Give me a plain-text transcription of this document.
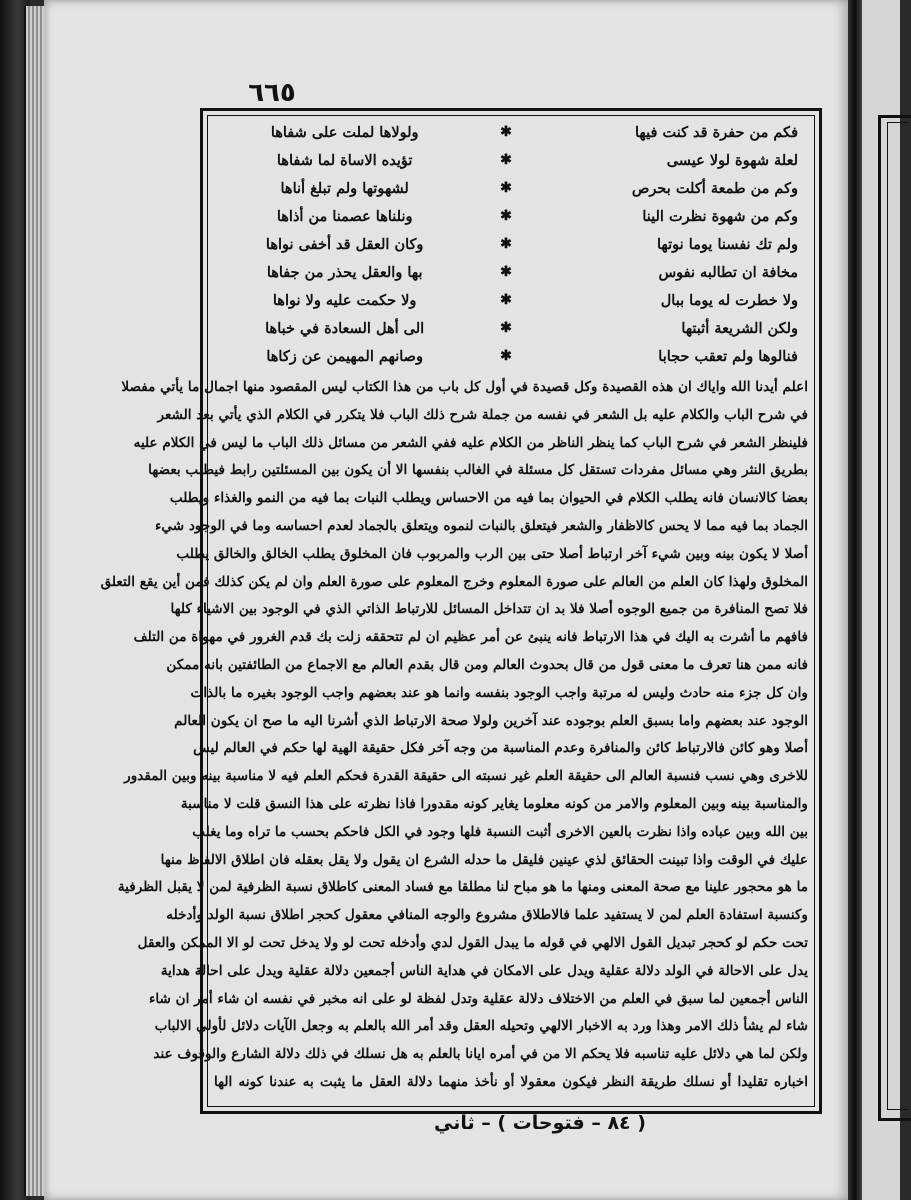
٦٦٥
فكم من حفرة قد كنت فيها
✱
ولولاها لملت على شفاها
لعلة شهوة لولا عيسى
✱
تؤيده الاساة لما شفاها
وكم من طمعة أكلت بحرص
✱
لشهوتها ولم تبلغ أناها
وكم من شهوة نظرت الينا
✱
ونلناها عصمنا من أذاها
ولم تك نفسنا يوما نوتها
✱
وكان العقل قد أخفى نواها
مخافة ان تطالبه نفوس
✱
بها والعقل يحذر من جفاها
ولا خطرت له يوما ببال
✱
ولا حكمت عليه ولا نواها
ولكن الشريعة أثبتها
✱
الى أهل السعادة في خباها
فنالوها ولم تعقب حجابا
✱
وصانهم المهيمن عن زكاها
اعلم أيدنا الله واياك ان هذه القصيدة وكل قصيدة في أول كل باب من هذا الكتاب ليس المقصود منها اجمال ما يأتي مفصلا
في شرح الباب والكلام عليه بل الشعر في نفسه من جملة شرح ذلك الباب فلا يتكرر في الكلام الذي يأتي بعد الشعر
فلينظر الشعر في شرح الباب كما ينظر الناظر من الكلام عليه ففي الشعر من مسائل ذلك الباب ما ليس في الكلام عليه
بطريق النثر وهي مسائل مفردات تستقل كل مسئلة في الغالب بنفسها الا أن يكون بين المسئلتين رابط فيطلب بعضها
بعضا كالانسان فانه يطلب الكلام في الحيوان بما فيه من الاحساس ويطلب النبات بما فيه من النمو والغذاء ويطلب
الجماد بما فيه مما لا يحس كالاظفار والشعر فيتعلق بالنبات لنموه ويتعلق بالجماد لعدم احساسه وما في الوجود شيء
أصلا لا يكون بينه وبين شيء آخر ارتباط أصلا حتى بين الرب والمربوب فان المخلوق يطلب الخالق والخالق يطلب
المخلوق ولهذا كان العلم من العالم على صورة المعلوم وخرج المعلوم على صورة العلم وان لم يكن كذلك فمن أين يقع التعلق
فلا تصح المنافرة من جميع الوجوه أصلا فلا بد ان تتداخل المسائل للارتباط الذاتي الذي في الوجود بين الاشياء كلها
فافهم ما أشرت به اليك في هذا الارتباط فانه ينبئ عن أمر عظيم ان لم تتحققه زلت بك قدم الغرور في مهواة من التلف
فانه ممن هنا تعرف ما معنى قول من قال بحدوث العالم ومن قال بقدم العالم مع الاجماع من الطائفتين بانه ممكن
وان كل جزء منه حادث وليس له مرتبة واجب الوجود بنفسه وانما هو عند بعضهم واجب الوجود بغيره ما بالذات
الوجود عند بعضهم واما بسبق العلم بوجوده عند آخرين ولولا صحة الارتباط الذي أشرنا اليه ما صح ان يكون العالم
أصلا وهو كائن فالارتباط كائن والمنافرة وعدم المناسبة من وجه آخر فكل حقيقة الهية لها حكم في العالم ليس
للاخرى وهي نسب فنسبة العالم الى حقيقة العلم غير نسبته الى حقيقة القدرة فحكم العلم فيه لا مناسبة بينه وبين المقدور
والمناسبة بينه وبين المعلوم والامر من كونه معلوما يغاير كونه مقدورا فاذا نظرته على هذا النسق قلت لا مناسبة
بين الله وبين عباده واذا نظرت بالعين الاخرى أثبت النسبة فلها وجود في الكل فاحكم بحسب ما تراه وما يغلب
عليك في الوقت واذا تبينت الحقائق لذي عينين فليقل ما حدله الشرع ان يقول ولا يقل بعقله فان اطلاق الالفاظ منها
ما هو محجور علينا مع صحة المعنى ومنها ما هو مباح لنا مطلقا مع فساد المعنى كاطلاق نسبة الظرفية لمن لا يقبل الظرفية
وكنسبة استفادة العلم لمن لا يستفيد علما فالاطلاق مشروع والوجه المنافي معقول كحجر اطلاق نسبة الولد وأدخله
تحت حكم لو كحجر تبديل القول الالهي في قوله ما يبدل القول لدي وأدخله تحت لو ولا يدخل تحت لو الا الممكن والعقل
يدل على الاحالة في الولد دلالة عقلية ويدل على الامكان في هداية الناس أجمعين دلالة عقلية ويدل على احالة هداية
الناس أجمعين لما سبق في العلم من الاختلاف دلالة عقلية وتدل لفظة لو على انه مخبر في نفسه ان شاء أمر ان شاء
شاء لم يشأ ذلك الامر وهذا ورد به الاخبار الالهي وتحيله العقل وقد أمر الله بالعلم به وجعل الآيات دلائل لأولي الالباب
ولكن لما هي دلائل عليه تناسبه فلا يحكم الا من في أمره ايانا بالعلم به هل نسلك في ذلك دلالة الشارع والوقوف عند
اخباره تقليدا أو نسلك طريقة النظر فيكون معقولا أو نأخذ منهما دلالة العقل ما يثبت به عندنا كونه الها
( ٨٤ – فتوحات ) – ثاني
